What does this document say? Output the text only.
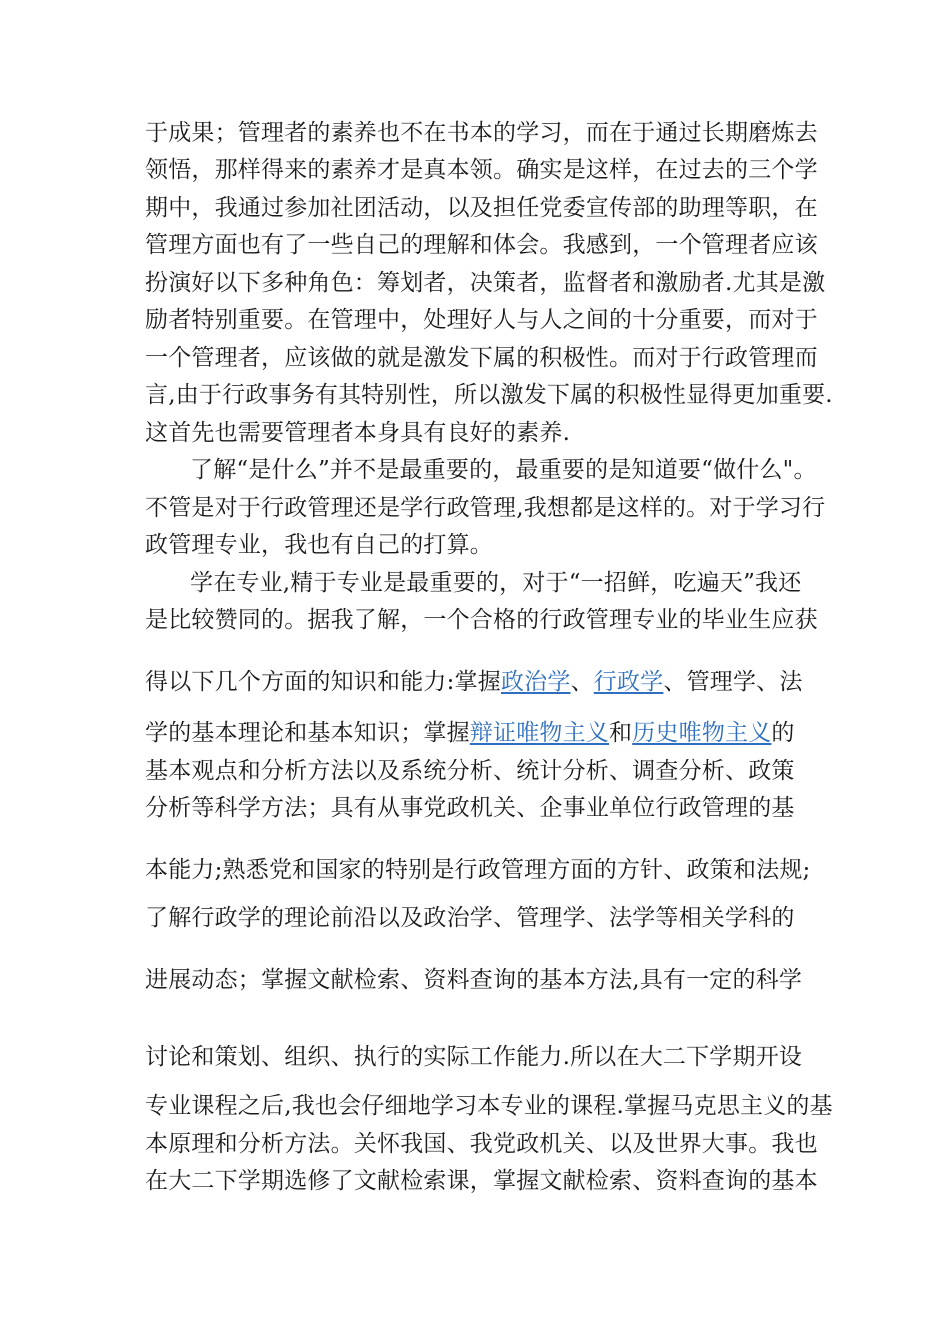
于成果；管理者的素养也不在书本的学习，而在于通过长期磨炼去
领悟，那样得来的素养才是真本领。确实是这样，在过去的三个学
期中，我通过参加社团活动，以及担任党委宣传部的助理等职，在
管理方面也有了一些自己的理解和体会。我感到，一个管理者应该
扮演好以下多种角色：筹划者，决策者，监督者和激励者.尤其是激
励者特别重要。在管理中，处理好人与人之间的十分重要，而对于
一个管理者，应该做的就是激发下属的积极性。而对于行政管理而
言,由于行政事务有其特别性，所以激发下属的积极性显得更加重要.
这首先也需要管理者本身具有良好的素养.
了解“是什么”并不是最重要的，最重要的是知道要“做什么"。
不管是对于行政管理还是学行政管理,我想都是这样的。对于学习行
政管理专业，我也有自己的打算。
学在专业,精于专业是最重要的，对于“一招鲜，吃遍天”我还
是比较赞同的。据我了解，一个合格的行政管理专业的毕业生应获
得以下几个方面的知识和能力:掌握政治学、行政学、管理学、法
学的基本理论和基本知识；掌握辩证唯物主义和历史唯物主义的
基本观点和分析方法以及系统分析、统计分析、调查分析、政策
分析等科学方法；具有从事党政机关、企事业单位行政管理的基
本能力;熟悉党和国家的特别是行政管理方面的方针、政策和法规;
了解行政学的理论前沿以及政治学、管理学、法学等相关学科的
进展动态；掌握文献检索、资料查询的基本方法,具有一定的科学
讨论和策划、组织、执行的实际工作能力.所以在大二下学期开设
专业课程之后,我也会仔细地学习本专业的课程.掌握马克思主义的基
本原理和分析方法。关怀我国、我党政机关、以及世界大事。我也
在大二下学期选修了文献检索课，掌握文献检索、资料查询的基本
